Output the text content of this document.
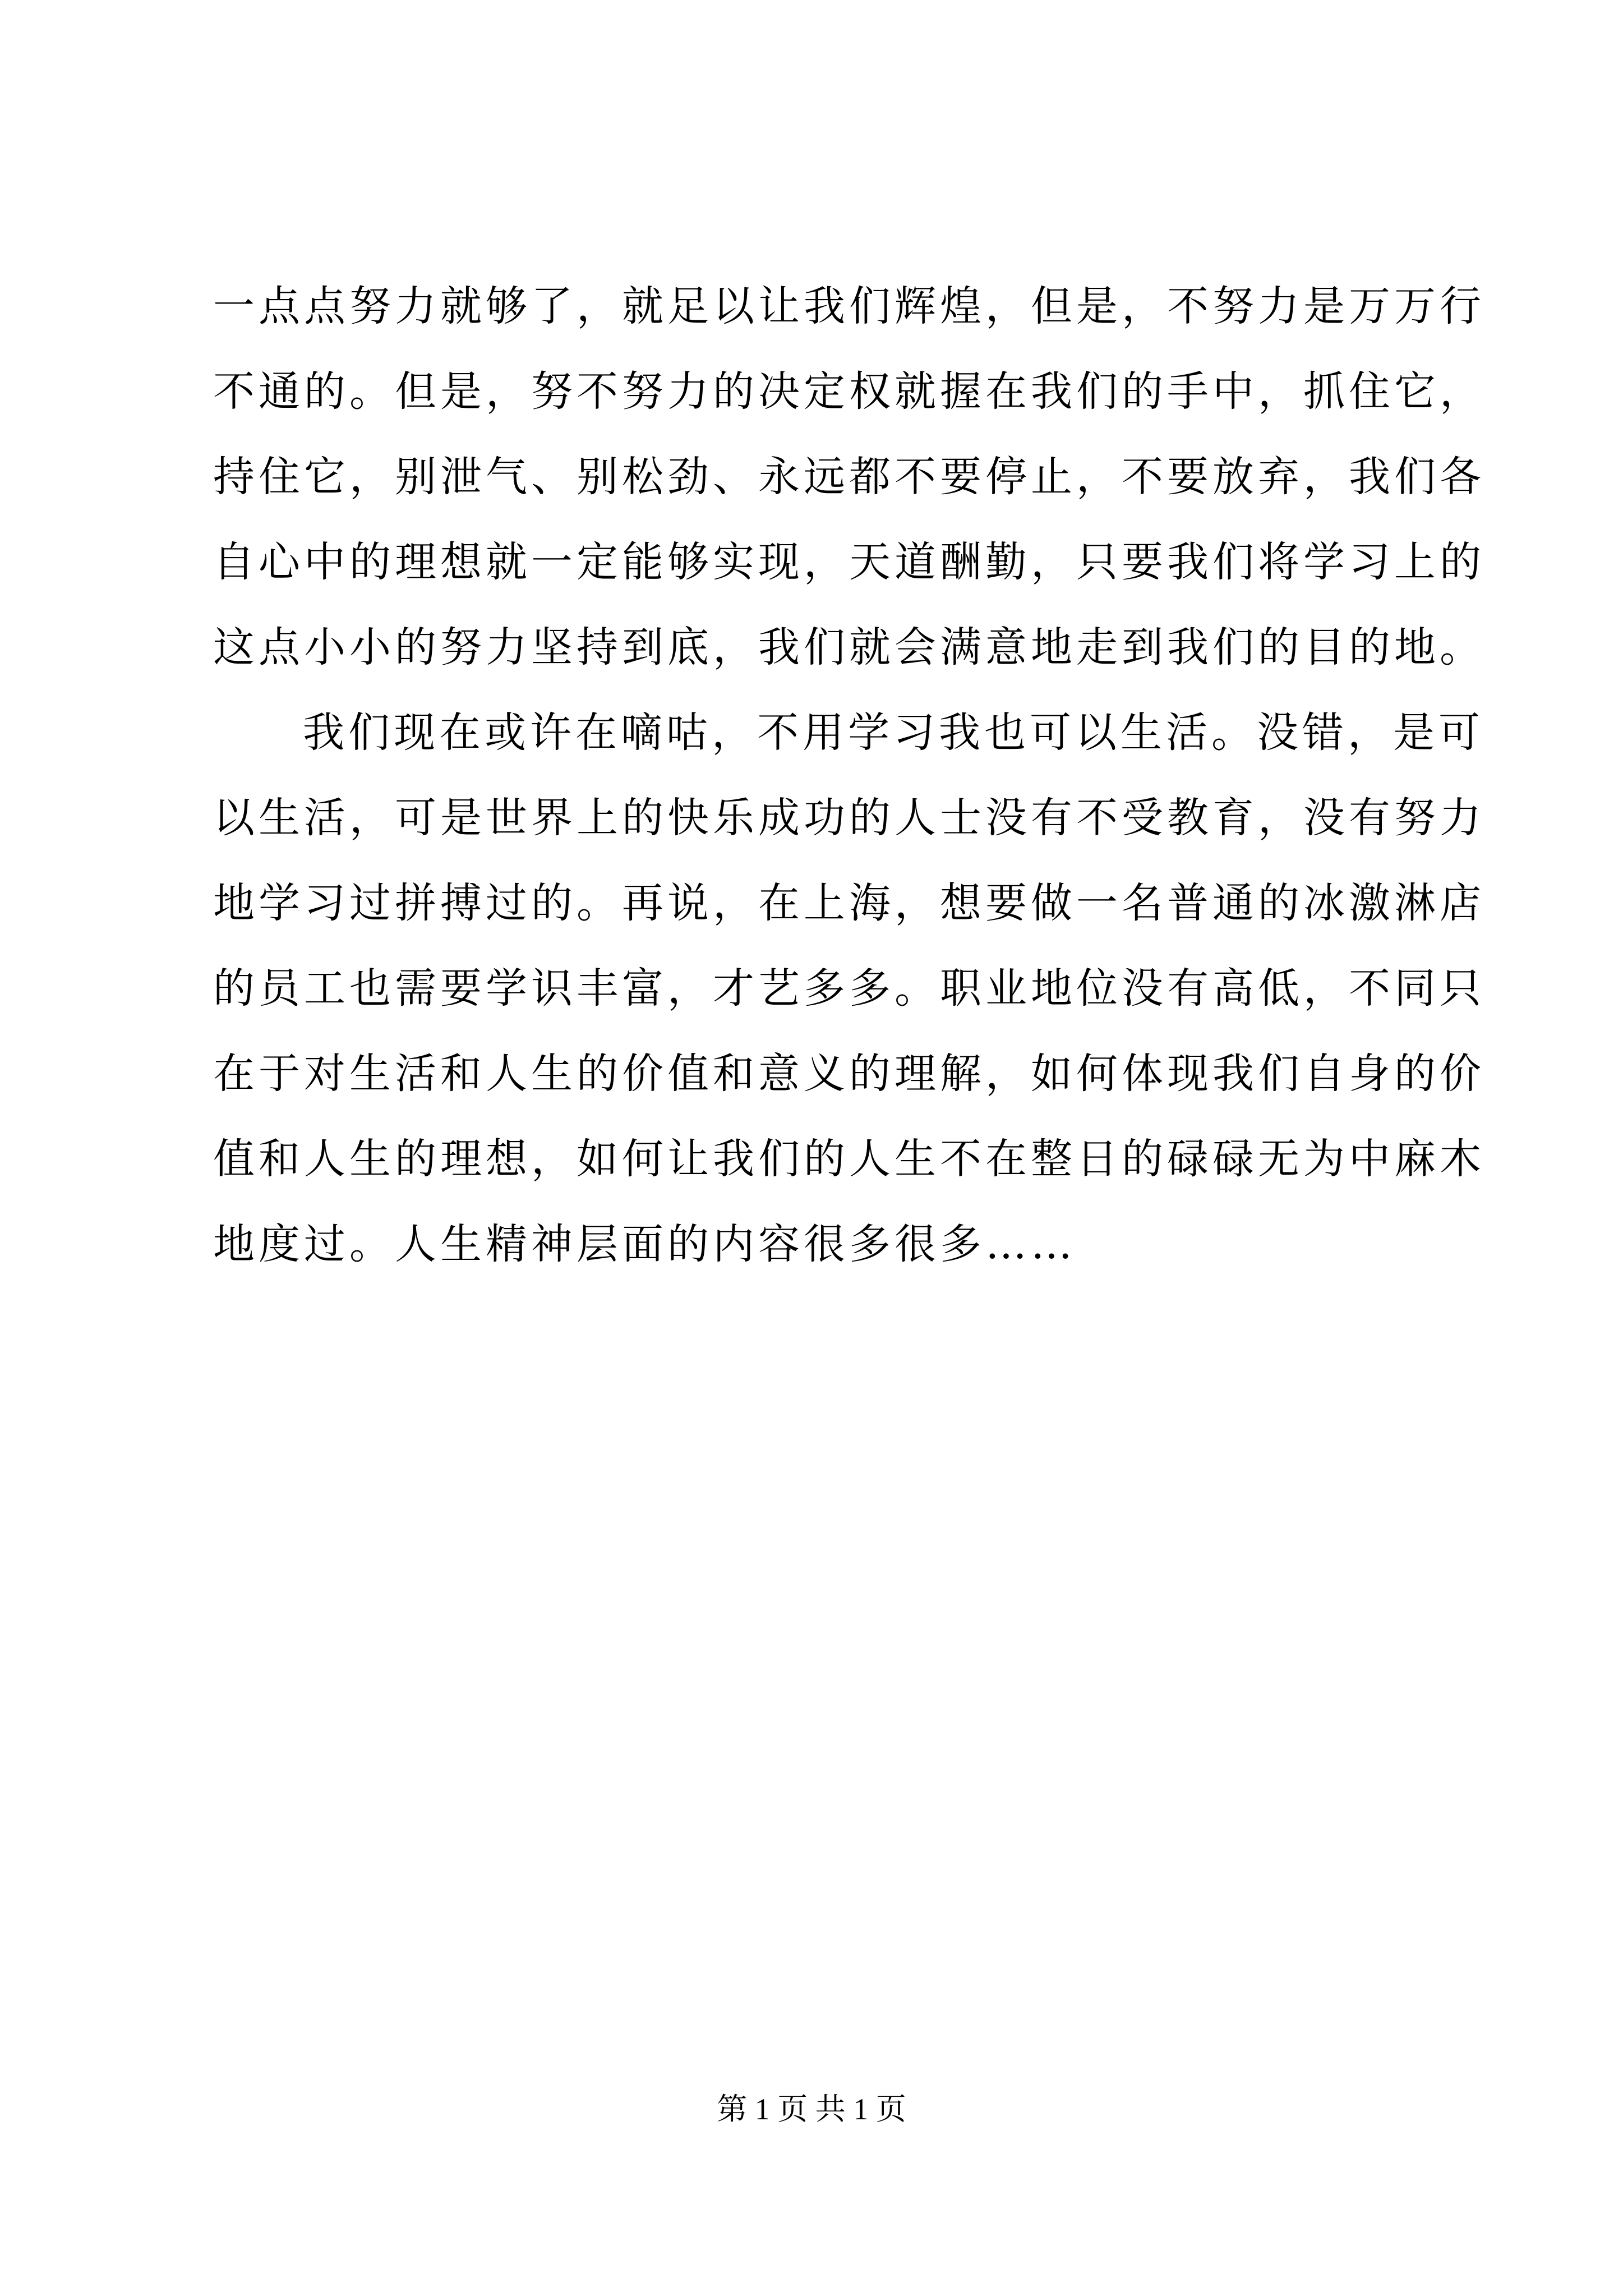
一点点努力就够了，就足以让我们辉煌，但是，不努力是万万行
不通的。但是，努不努力的决定权就握在我们的手中，抓住它，
持住它，别泄气、别松劲、永远都不要停止，不要放弃，我们各
自心中的理想就一定能够实现，天道酬勤，只要我们将学习上的
这点小小的努力坚持到底，我们就会满意地走到我们的目的地。
我们现在或许在嘀咕，不用学习我也可以生活。没错，是可
以生活，可是世界上的快乐成功的人士没有不受教育，没有努力
地学习过拼搏过的。再说，在上海，想要做一名普通的冰激淋店
的员工也需要学识丰富，才艺多多。职业地位没有高低，不同只
在于对生活和人生的价值和意义的理解，如何体现我们自身的价
值和人生的理想，如何让我们的人生不在整日的碌碌无为中麻木
地度过。人生精神层面的内容很多很多……
第 1 页 共 1 页
